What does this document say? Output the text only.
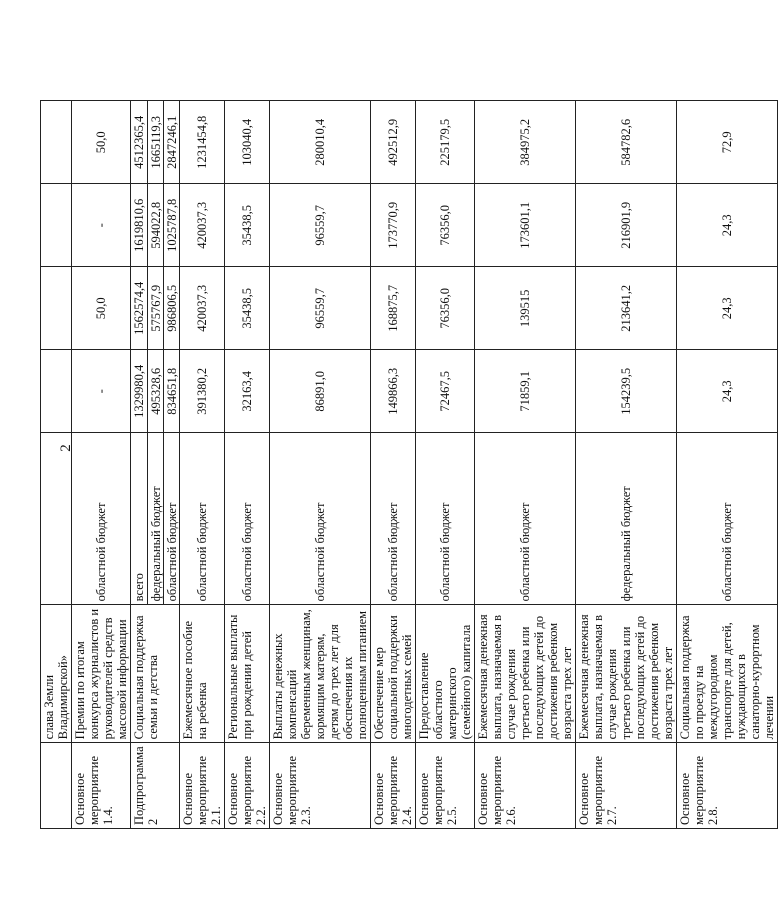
2
	слава Земли Владимирской»					
Основное мероприятие 1.4.	Премии по итогам конкурса журналистов и руководителей средств массовой информации	областной бюджет	-	50,0	-	50,0
Подпрограмма 2	Социальная поддержка семьи и детства	всего	1329980,4	1562574,4	1619810,6	4512365,4
		федеральный бюджет	495328,6	575767,9	594022,8	1665119,3
		областной бюджет	834651,8	986806,5	1025787,8	2847246,1
Основное мероприятие 2.1.	Ежемесячное пособие на ребенка	областной бюджет	391380,2	420037,3	420037,3	1231454,8
Основное мероприятие 2.2.	Региональные выплаты при рождении детей	областной бюджет	32163,4	35438,5	35438,5	103040,4
Основное мероприятие 2.3.	Выплаты денежных компенсаций беременным женщинам, кормящим матерям, детям до трех лет для обеспечения их полноценным питанием	областной бюджет	86891,0	96559,7	96559,7	280010,4
Основное мероприятие 2.4.	Обеспечение мер социальной поддержки многодетных семей	областной бюджет	149866,3	168875,7	173770,9	492512,9
Основное мероприятие 2.5.	Предоставление областного материнского (семейного) капитала	областной бюджет	72467,5	76356,0	76356,0	225179,5
Основное мероприятие 2.6.	Ежемесячная денежная выплата, назначаемая в случае рождения третьего ребенка или последующих детей до достижения ребенком возраста трех лет	областной бюджет	71859,1	139515	173601,1	384975,2
Основное мероприятие 2.7.	Ежемесячная денежная выплата, назначаемая в случае рождения третьего ребенка или последующих детей до достижения ребенком возраста трех лет	федеральный бюджет	154239,5	213641,2	216901,9	584782,6
Основное мероприятие 2.8.	Социальная поддержка по проезду на междугородном транспорте для детей, нуждающихся в санаторно-курортном лечении	областной бюджет	24,3	24,3	24,3	72,9
